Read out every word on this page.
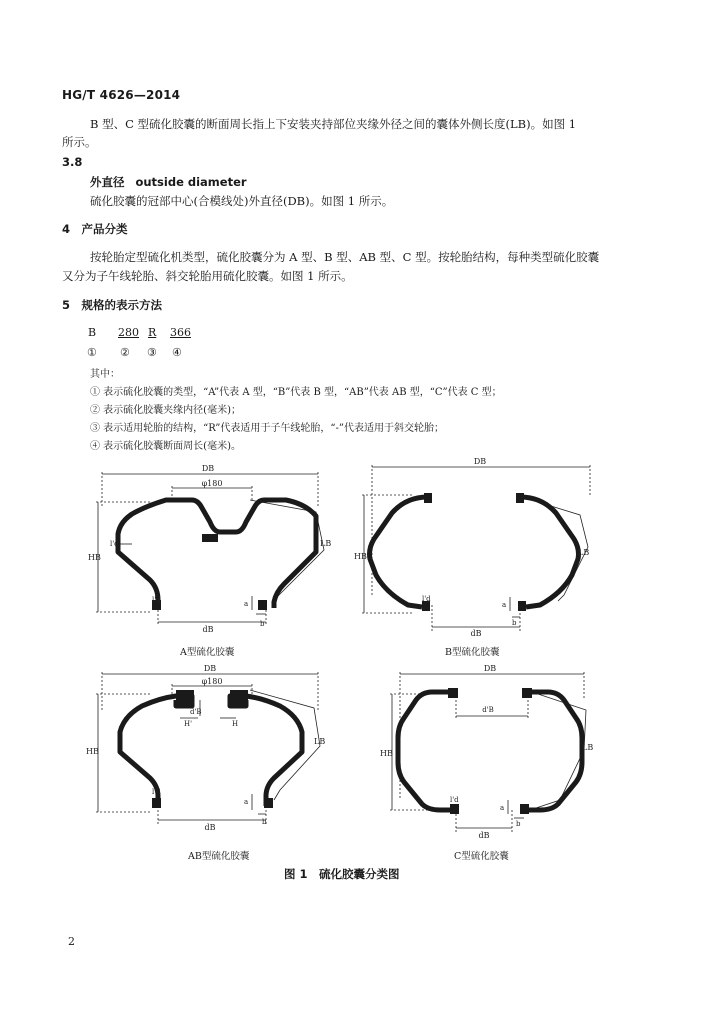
HG/T 4626—2014
B 型、C 型硫化胶囊的断面周长指上下安装夹持部位夹缘外径之间的囊体外侧长度(LB)。如图 1
所示。
3.8
外直径 outside diameter
硫化胶囊的冠部中心(合模线处)外直径(DB)。如图 1 所示。
4　产品分类
按轮胎定型硫化机类型，硫化胶囊分为 A 型、B 型、AB 型、C 型。按轮胎结构，每种类型硫化胶囊
又分为子午线轮胎、斜交轮胎用硫化胶囊。如图 1 所示。
5　规格的表示方法
B 280 R 366
① ② ③ ④
其中：
① 表示硫化胶囊的类型，“A”代表 A 型，“B”代表 B 型，“AB”代表 AB 型，“C”代表 C 型；
② 表示硫化胶囊夹缘内径(毫米)；
③ 表示适用轮胎的结构，“R”代表适用于子午线轮胎，“-”代表适用于斜交轮胎；
④ 表示硫化胶囊断面周长(毫米)。
DB
φ180
HB
LB
l'd
l'd
dB
a
b
A型硫化胶囊
DB
HB	LB
l'd
dB
a
b
B型硫化胶囊
DB
φ180
HB
LB
d'B
H'	H
l'd
dB
a
b
AB型硫化胶囊
DB
HB
LB
d'B
l'd
dB
a
b
C型硫化胶囊
图 1　硫化胶囊分类图
2
